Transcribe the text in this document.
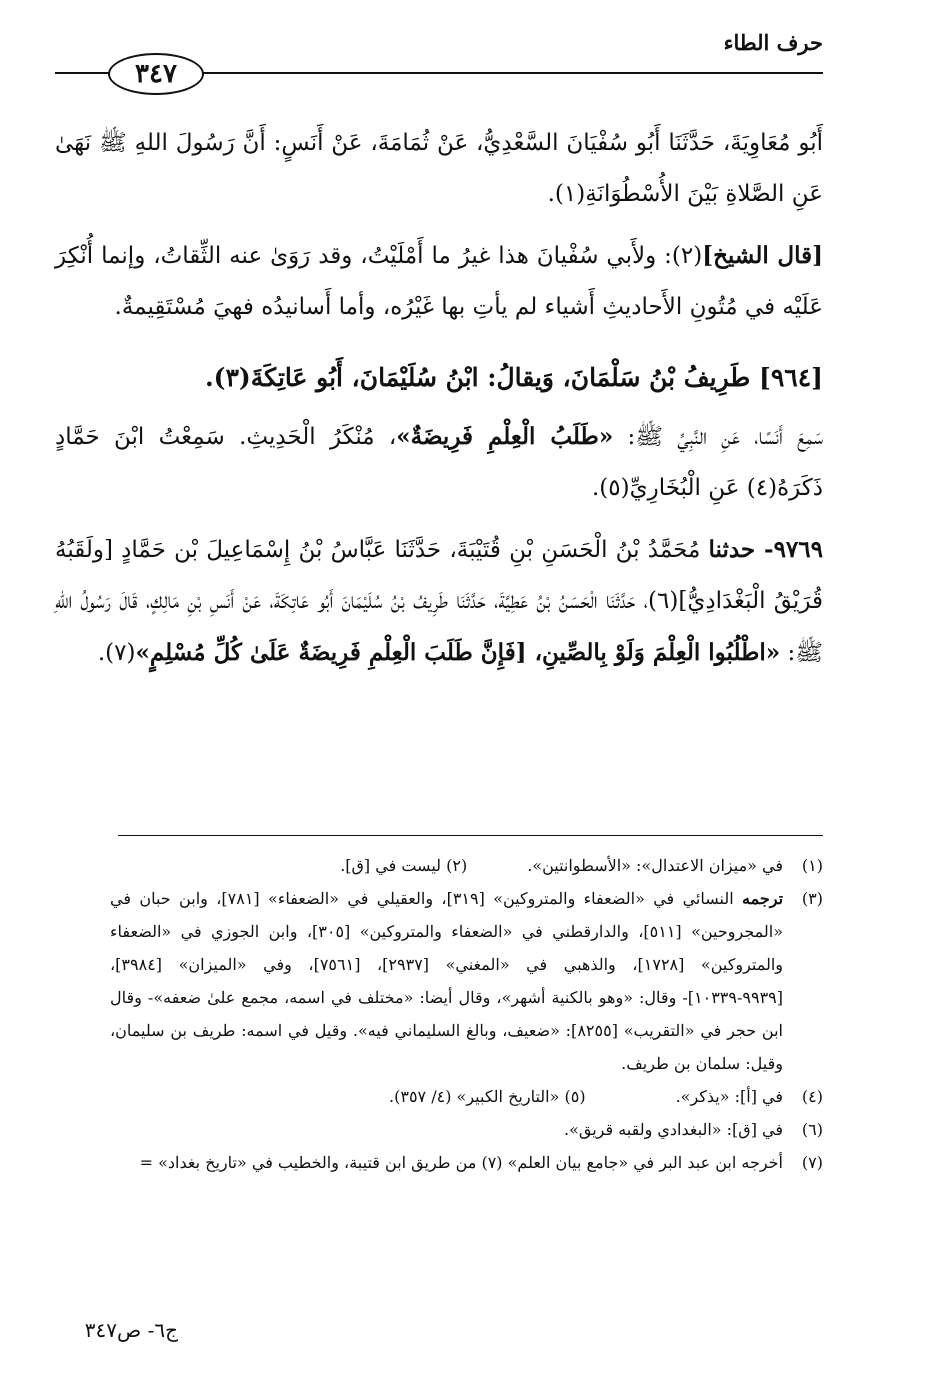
حرف الطاء
٣٤٧

أَبُو مُعَاوِيَةَ، حَدَّثَنَا أَبُو سُفْيَانَ السَّعْدِيُّ، عَنْ ثُمَامَةَ، عَنْ أَنَسٍ: أَنَّ رَسُولَ اللهِ ﷺ نَهَىٰ عَنِ الصَّلاةِ بَيْنَ الأُسْطُوَانَةِ(١).

[قال الشيخ](٢): ولأَبي سُفْيانَ هذا غيرُ ما أَمْلَيْتُ، وقد رَوَىٰ عنه الثِّقاتُ، وإنما أُنْكِرَ عَلَيْه في مُتُونِ الأَحاديثِ أَشياء لم يأتِ بها غَيْرُه، وأما أَسانيدُه فهيَ مُسْتَقِيمةٌ.

[٩٦٤] طَرِيفُ بْنُ سَلْمَانَ، وَيقالُ: ابْنُ سُلَيْمَانَ، أَبُو عَاتِكَةَ(٣).

سَمِعَ أَنَسًا، عَنِ النَّبِيِّ ﷺ: «طَلَبُ الْعِلْمِ فَرِيضَةٌ»، مُنْكَرُ الْحَدِيثِ. سَمِعْتُ ابْنَ حَمَّادٍ ذَكَرَهُ(٤) عَنِ الْبُخَارِيِّ(٥).

٩٧٦٩- حدثنا مُحَمَّدُ بْنُ الْحَسَنِ بْنِ قُتَيْبَةَ، حَدَّثَنَا عَبَّاسُ بْنُ إِسْمَاعِيلَ بْن حَمَّادٍ [ولَقَبُهُ قُرَيْقُ الْبَغْدَادِيُّ](٦)، حَدَّثَنَا الْحَسَنُ بْنُ عَطِيَّةَ، حَدَّثَنَا طَرِيفُ بْنُ سُلَيْمَانَ أَبُو عَاتِكَةَ، عَنْ أَنَسِ بْنِ مَالِكٍ، قَالَ رَسُولُ اللهِ ﷺ: «اطْلُبُوا الْعِلْمَ وَلَوْ بِالصِّينِ، [فَإِنَّ طَلَبَ الْعِلْمِ فَرِيضَةٌ عَلَىٰ كُلِّ مُسْلِمٍ»(٧).

(١)
في «ميزان الاعتدال»: «الأسطوانتين».(٢) ليست في [ق].
(٣)
ترجمه النسائي في «الضعفاء والمتروكين» [٣١٩]، والعقيلي في «الضعفاء» [٧٨١]، وابن حبان في «المجروحين» [٥١١]، والدارقطني في «الضعفاء والمتروكين» [٣٠٥]، وابن الجوزي في «الضعفاء والمتروكين» [١٧٢٨]، والذهبي في «المغني» [٢٩٣٧]، [٧٥٦١]، وفي «الميزان» [٣٩٨٤]، [٩٩٣٩-١٠٣٣٩]- وقال: «وهو بالكنية أشهر»، وقال أيضا: «مختلف في اسمه، مجمع علىٰ ضعفه»- وقال ابن حجر في «التقريب» [٨٢٥٥]: «ضعيف، وبالغ السليماني فيه». وقيل في اسمه: طريف بن سليمان، وقيل: سلمان بن طريف.
(٤)
في [أ]: «يذكر».(٥) «التاريخ الكبير» (٤/ ٣٥٧).
(٦)
في [ق]: «البغدادي ولقبه قريق».
(٧)
أخرجه ابن عبد البر في «جامع بيان العلم» (٧) من طريق ابن قتيبة، والخطيب في «تاريخ بغداد» =
ج٦- ص٣٤٧
